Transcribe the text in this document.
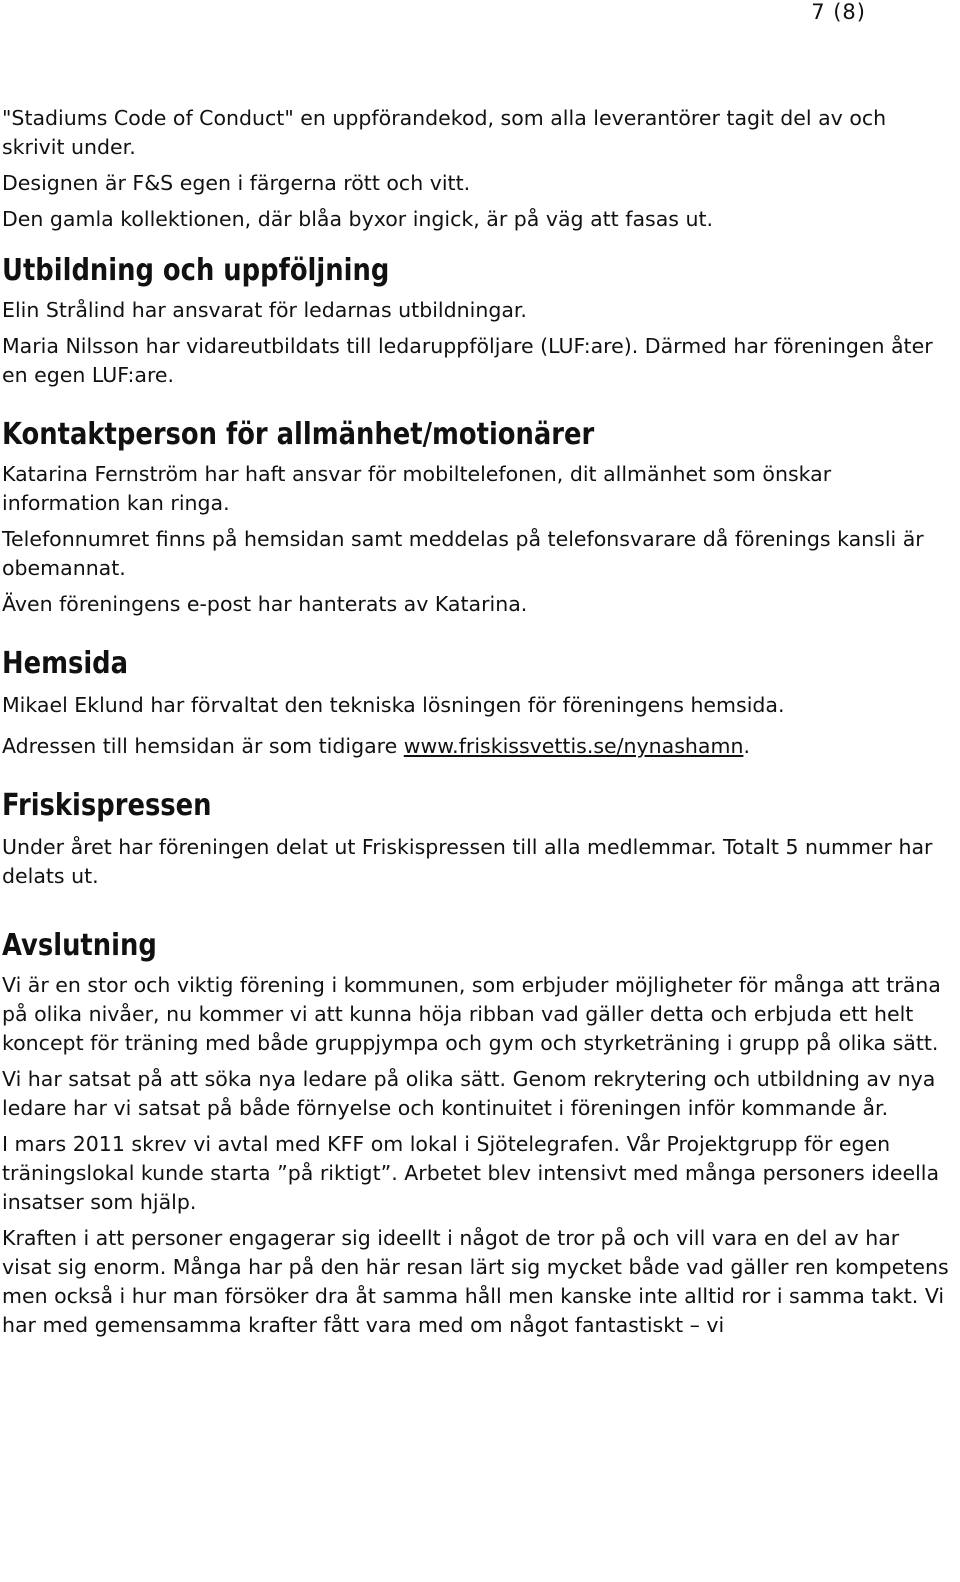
7 (8)

"Stadiums Code of Conduct" en uppförandekod, som alla leverantörer tagit del av och skrivit under.

Designen är F&S egen i färgerna rött och vitt.

Den gamla kollektionen, där blåa byxor ingick, är på väg att fasas ut.

Utbildning och uppföljning

Elin Strålind har ansvarat för ledarnas utbildningar.

Maria Nilsson har vidareutbildats till ledaruppföljare (LUF:are). Därmed har föreningen åter en egen LUF:are.

Kontaktperson för allmänhet/motionärer

Katarina Fernström har haft ansvar för mobiltelefonen, dit allmänhet som önskar information kan ringa.

Telefonnumret finns på hemsidan samt meddelas på telefonsvarare då förenings kansli är obemannat.

Även föreningens e-post har hanterats av Katarina.

Hemsida

Mikael Eklund har förvaltat den tekniska lösningen för föreningens hemsida.

Adressen till hemsidan är som tidigare www.friskissvettis.se/nynashamn.

Friskispressen

Under året har föreningen delat ut Friskispressen till alla medlemmar. Totalt 5 nummer har delats ut.

Avslutning

Vi är en stor och viktig förening i kommunen, som erbjuder möjligheter för många att träna på olika nivåer, nu kommer vi att kunna höja ribban vad gäller detta och erbjuda ett helt koncept för träning med både gruppjympa och gym och styrketräning i grupp på olika sätt.

Vi har satsat på att söka nya ledare på olika sätt. Genom rekrytering och utbildning av nya ledare har vi satsat på både förnyelse och kontinuitet i föreningen inför kommande år.

I mars 2011 skrev vi avtal med KFF om lokal i Sjötelegrafen. Vår Projektgrupp för egen träningslokal kunde starta ”på riktigt”. Arbetet blev intensivt med många personers ideella insatser som hjälp.

Kraften i att personer engagerar sig ideellt i något de tror på och vill vara en del av har visat sig enorm. Många har på den här resan lärt sig mycket både vad gäller ren kompetens men också i hur man försöker dra åt samma håll men kanske inte alltid ror i samma takt. Vi har med gemensamma krafter fått vara med om något fantastiskt – vi
